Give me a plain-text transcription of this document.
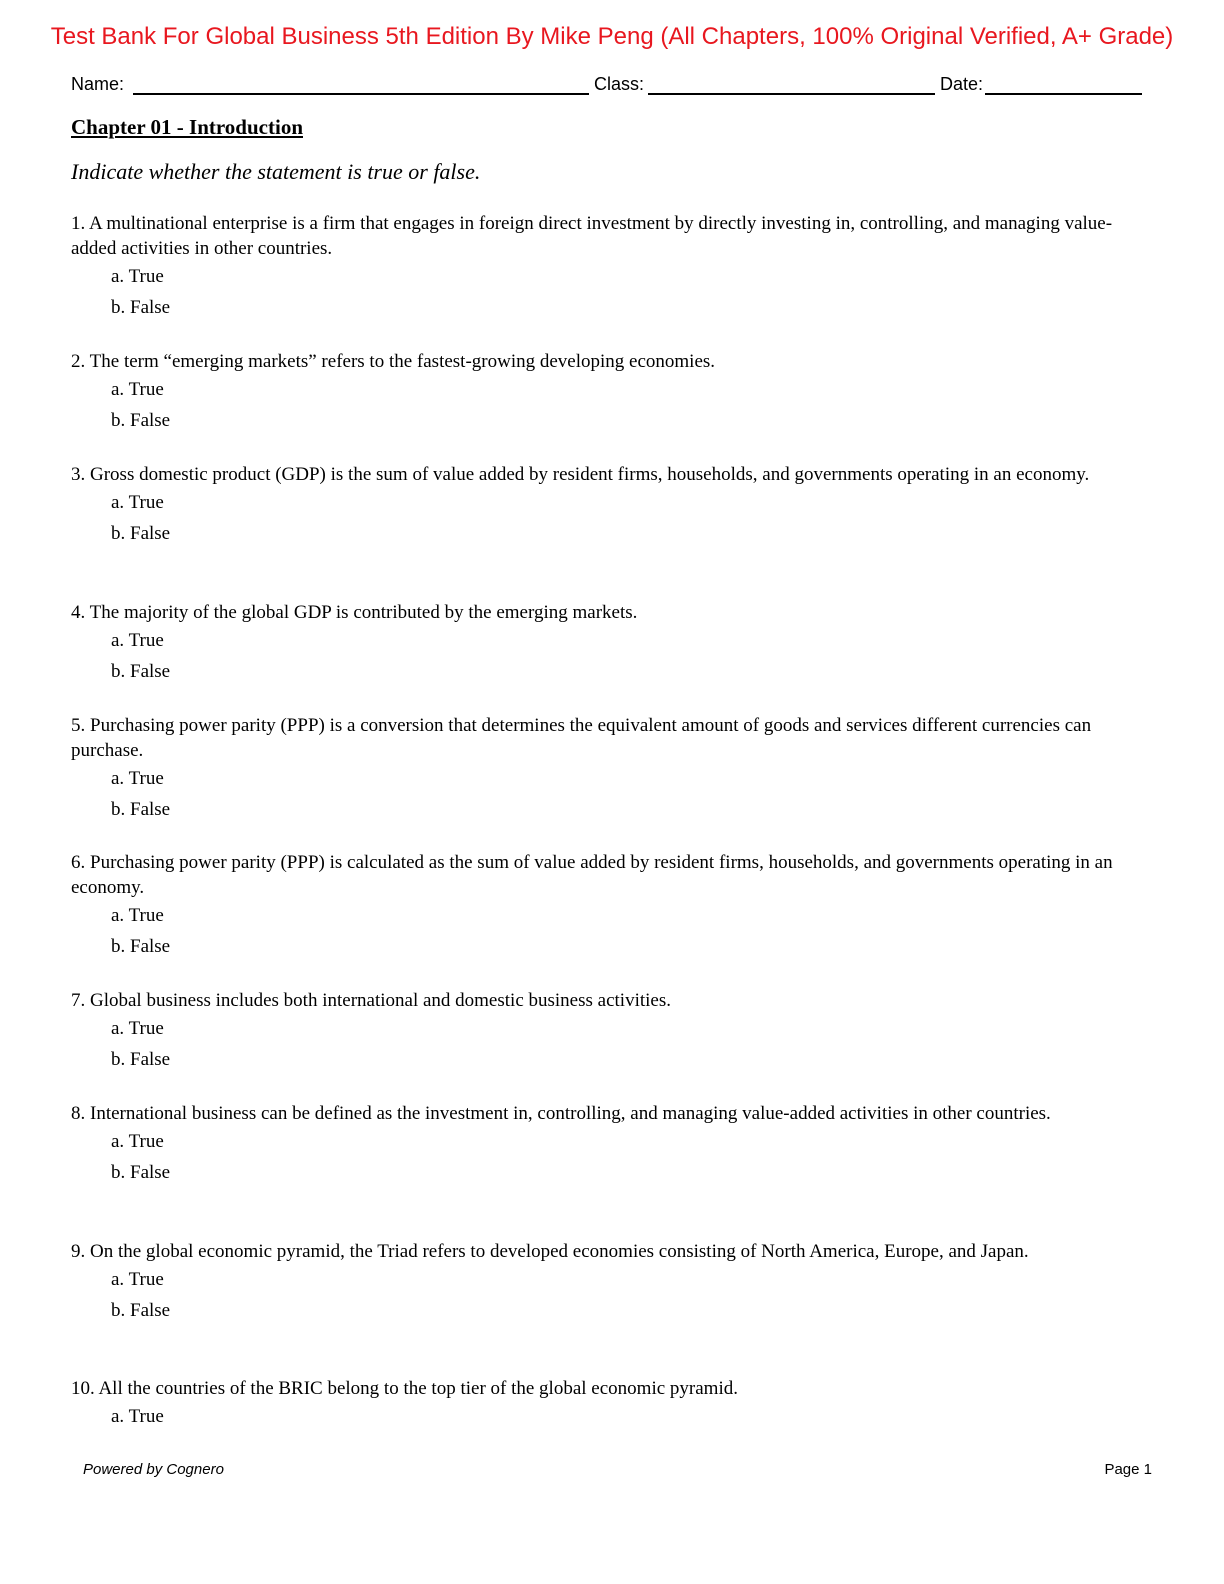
Test Bank For Global Business 5th Edition By Mike Peng (All Chapters, 100% Original Verified, A+ Grade)
Name:	Class:	Date:
Chapter 01 - Introduction
Indicate whether the statement is true or false.

1. A multinational enterprise is a firm that engages in foreign direct investment by directly investing in, controlling, and managing value-added activities in other countries.

a. True

b. False

2. The term “emerging markets” refers to the fastest-growing developing economies.

a. True

b. False

3. Gross domestic product (GDP) is the sum of value added by resident firms, households, and governments operating in an economy.

a. True

b. False

4. The majority of the global GDP is contributed by the emerging markets.

a. True

b. False

5. Purchasing power parity (PPP) is a conversion that determines the equivalent amount of goods and services different currencies can purchase.

a. True

b. False

6. Purchasing power parity (PPP) is calculated as the sum of value added by resident firms, households, and governments operating in an economy.

a. True

b. False

7. Global business includes both international and domestic business activities.

a. True

b. False

8. International business can be defined as the investment in, controlling, and managing value-added activities in other countries.

a. True

b. False

9. On the global economic pyramid, the Triad refers to developed economies consisting of North America, Europe, and Japan.

a. True

b. False

10. All the countries of the BRIC belong to the top tier of the global economic pyramid.

a. True

Powered by Cognero	Page 1
